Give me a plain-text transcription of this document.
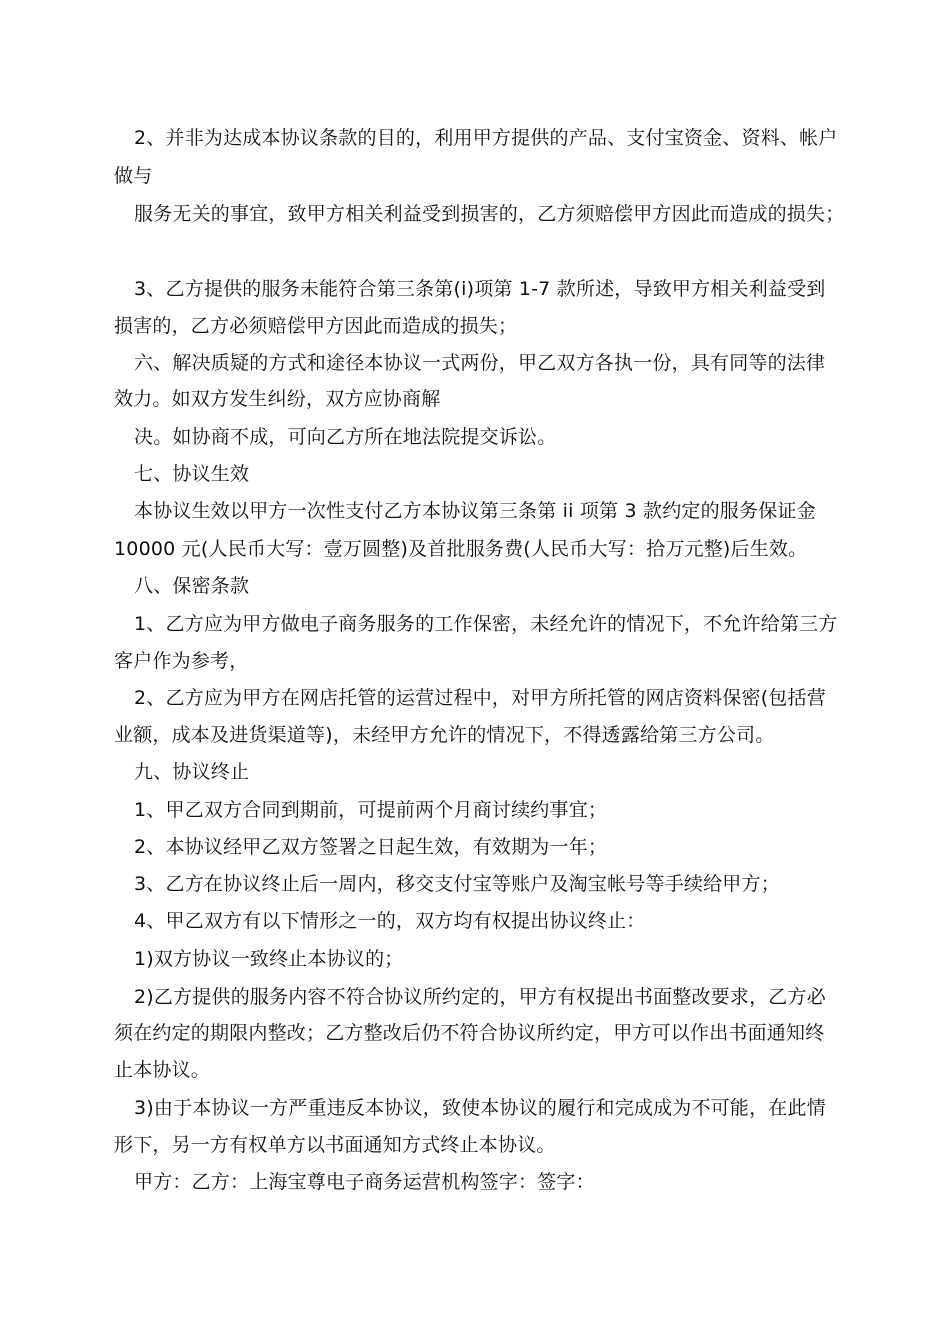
2、并非为达成本协议条款的目的，利用甲方提供的产品、支付宝资金、资料、帐户
做与
服务无关的事宜，致甲方相关利益受到损害的，乙方须赔偿甲方因此而造成的损失；
3、乙方提供的服务未能符合第三条第(i)项第 1-7 款所述，导致甲方相关利益受到
损害的，乙方必须赔偿甲方因此而造成的损失；
六、解决质疑的方式和途径本协议一式两份，甲乙双方各执一份，具有同等的法律
效力。如双方发生纠纷，双方应协商解
决。如协商不成，可向乙方所在地法院提交诉讼。
七、协议生效
本协议生效以甲方一次性支付乙方本协议第三条第 ii 项第 3 款约定的服务保证金
10000 元(人民币大写：壹万圆整)及首批服务费(人民币大写：拾万元整)后生效。
八、保密条款
1、乙方应为甲方做电子商务服务的工作保密，未经允许的情况下，不允许给第三方
客户作为参考，
2、乙方应为甲方在网店托管的运营过程中，对甲方所托管的网店资料保密(包括营
业额，成本及进货渠道等)，未经甲方允许的情况下，不得透露给第三方公司。
九、协议终止
1、甲乙双方合同到期前，可提前两个月商讨续约事宜；
2、本协议经甲乙双方签署之日起生效，有效期为一年；
3、乙方在协议终止后一周内，移交支付宝等账户及淘宝帐号等手续给甲方；
4、甲乙双方有以下情形之一的，双方均有权提出协议终止：
1)双方协议一致终止本协议的；
2)乙方提供的服务内容不符合协议所约定的，甲方有权提出书面整改要求，乙方必
须在约定的期限内整改；乙方整改后仍不符合协议所约定，甲方可以作出书面通知终
止本协议。
3)由于本协议一方严重违反本协议，致使本协议的履行和完成成为不可能，在此情
形下，另一方有权单方以书面通知方式终止本协议。
甲方：乙方：上海宝尊电子商务运营机构签字：签字：
